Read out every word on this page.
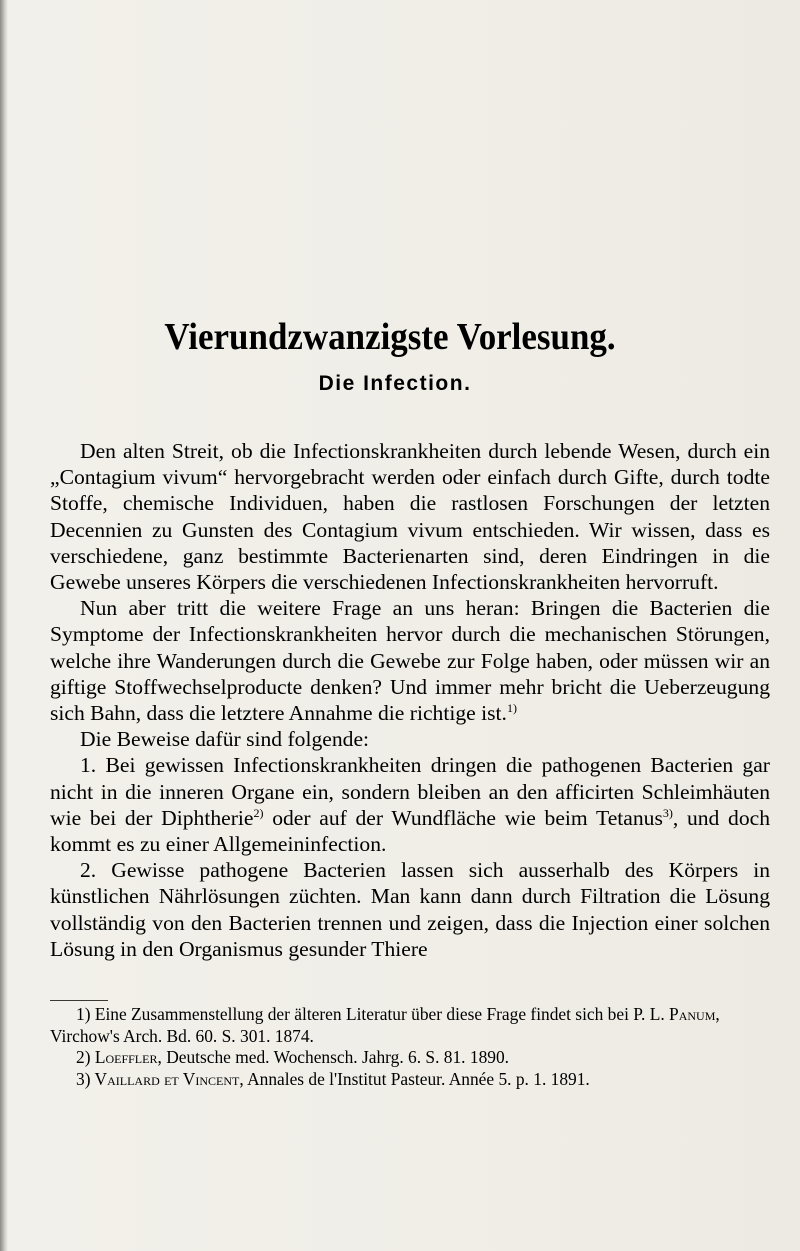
Vierundzwanzigste Vorlesung.
Die Infection.

Den alten Streit, ob die Infectionskrankheiten durch lebende Wesen, durch ein „Contagium vivum“ hervorgebracht werden oder einfach durch Gifte, durch todte Stoffe, chemische Individuen, haben die rastlosen Forschungen der letzten Decennien zu Gunsten des Contagium vivum entschieden. Wir wissen, dass es verschiedene, ganz bestimmte Bacterienarten sind, deren Eindringen in die Gewebe unseres Körpers die verschiedenen Infectionskrankheiten hervorruft.

Nun aber tritt die weitere Frage an uns heran: Bringen die Bacterien die Symptome der Infectionskrankheiten hervor durch die mechanischen Störungen, welche ihre Wanderungen durch die Gewebe zur Folge haben, oder müssen wir an giftige Stoffwechselproducte denken? Und immer mehr bricht die Ueberzeugung sich Bahn, dass die letztere Annahme die richtige ist.$^{1)}$

Die Beweise dafür sind folgende:

1. Bei gewissen Infectionskrankheiten dringen die pathogenen Bacterien gar nicht in die inneren Organe ein, sondern bleiben an den afficirten Schleimhäuten wie bei der Diphtherie$^{2)}$ oder auf der Wundfläche wie beim Tetanus$^{3)}$, und doch kommt es zu einer Allgemeininfection.

2. Gewisse pathogene Bacterien lassen sich ausserhalb des Körpers in künstlichen Nährlösungen züchten. Man kann dann durch Filtration die Lösung vollständig von den Bacterien trennen und zeigen, dass die Injection einer solchen Lösung in den Organismus gesunder Thiere

1) Eine Zusammenstellung der älteren Literatur über diese Frage findet sich bei P. L. Panum, Virchow's Arch. Bd. 60. S. 301. 1874.

2) Loeffler, Deutsche med. Wochensch. Jahrg. 6. S. 81. 1890.

3) Vaillard et Vincent, Annales de l'Institut Pasteur. Année 5. p. 1. 1891.
